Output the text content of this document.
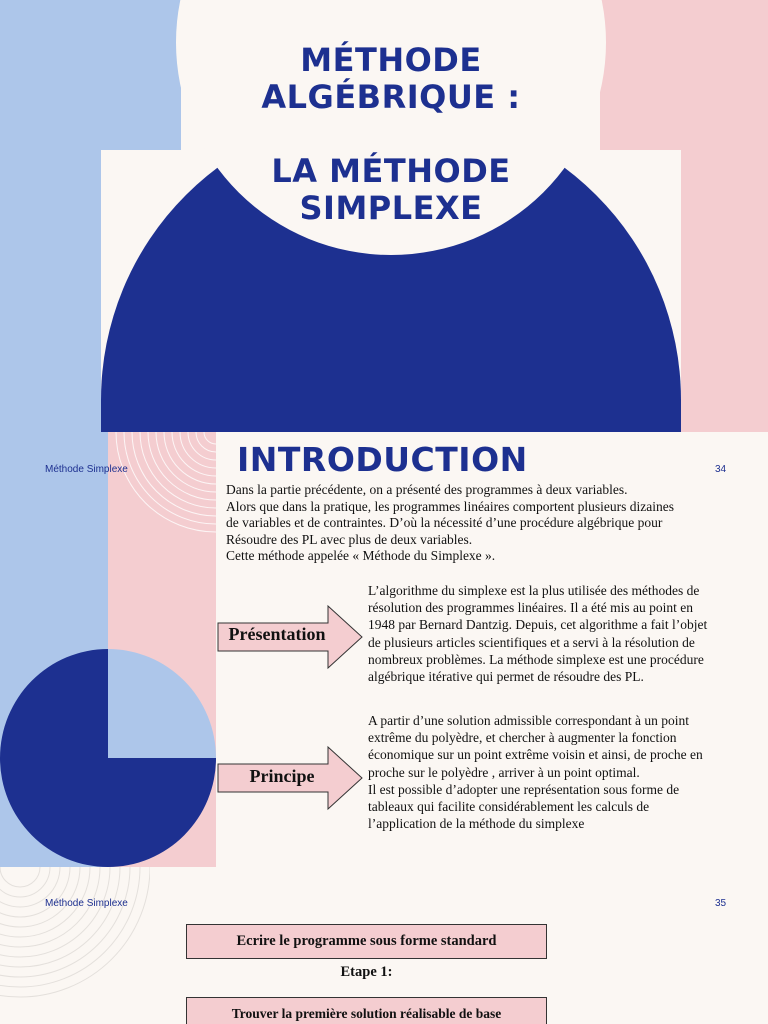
MÉTHODE
ALGÉBRIQUE :
LA MÉTHODE
SIMPLEXE
Méthode Simplexe	34
INTRODUCTION
Dans la partie précédente, on a présenté des programmes à deux variables.
Alors que dans la pratique, les programmes linéaires comportent plusieurs dizaines
de variables et de contraintes. D’où la nécessité d’une procédure algébrique pour
Résoudre des PL avec plus de deux variables.
Cette méthode appelée « Méthode du Simplexe ».
Présentation
L’algorithme du simplexe est la plus utilisée des méthodes de
résolution des programmes linéaires. Il a été mis au point en
1948 par Bernard Dantzig. Depuis, cet algorithme a fait l’objet
de plusieurs articles scientifiques et a servi à la résolution de
nombreux problèmes. La méthode simplexe est une procédure
algébrique itérative qui permet de résoudre des PL.
Principe
A partir d’une solution admissible correspondant à un point
extrême du polyèdre, et chercher à augmenter la fonction
économique sur un point extrême voisin et ainsi, de proche en
proche sur le polyèdre , arriver à un point optimal.
Il est possible d’adopter une représentation sous forme de
tableaux qui facilite considérablement les calculs de
l’application de la méthode du simplexe
Méthode Simplexe	35
Ecrire le programme sous forme standard
Etape 1:
Trouver la première solution réalisable de base
